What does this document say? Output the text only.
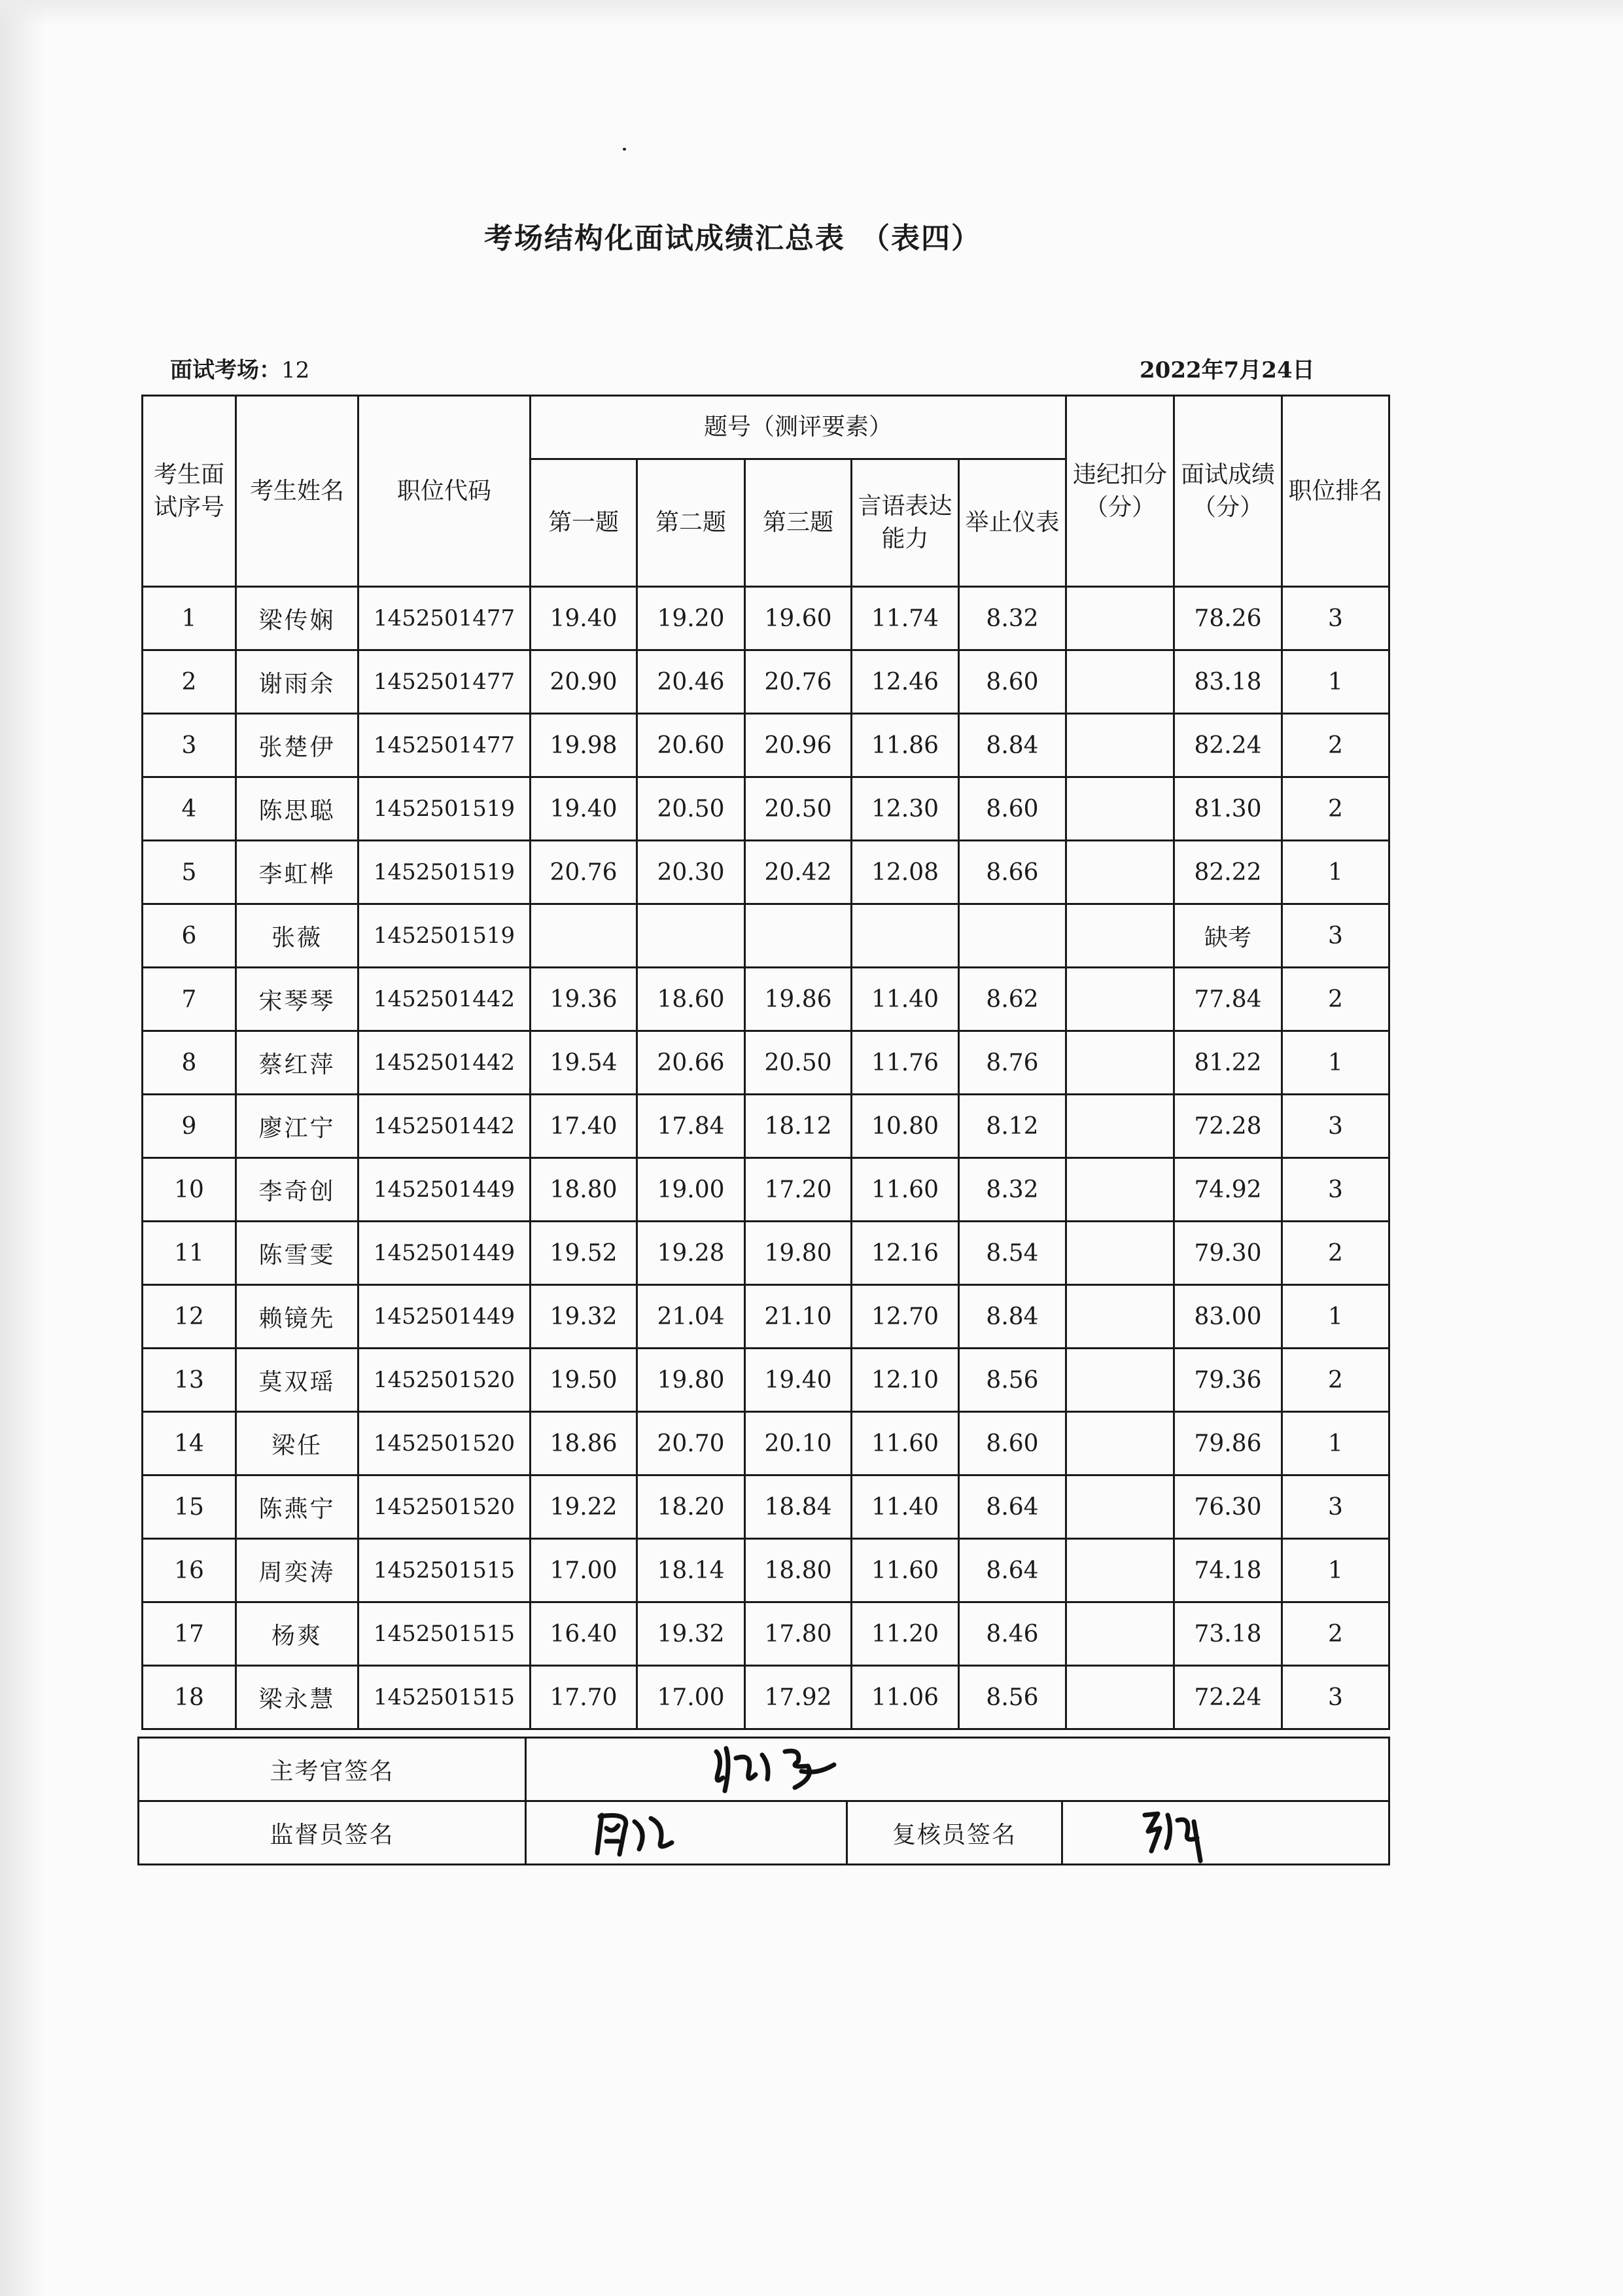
考场结构化面试成绩汇总表　（表四）
面试考场：12	2022年7月24日
考生面试序号	考生姓名	职位代码	题号（测评要素）					违纪扣分（分）	面试成绩（分）	职位排名
			第一题	第二题	第三题	言语表达能力	举止仪表			
1	梁传娴	1452501477	19.40	19.20	19.60	11.74	8.32		78.26	3
2	谢雨余	1452501477	20.90	20.46	20.76	12.46	8.60		83.18	1
3	张楚伊	1452501477	19.98	20.60	20.96	11.86	8.84		82.24	2
4	陈思聪	1452501519	19.40	20.50	20.50	12.30	8.60		81.30	2
5	李虹桦	1452501519	20.76	20.30	20.42	12.08	8.66		82.22	1
6	张薇	1452501519							缺考	3
7	宋琴琴	1452501442	19.36	18.60	19.86	11.40	8.62		77.84	2
8	蔡红萍	1452501442	19.54	20.66	20.50	11.76	8.76		81.22	1
9	廖江宁	1452501442	17.40	17.84	18.12	10.80	8.12		72.28	3
10	李奇创	1452501449	18.80	19.00	17.20	11.60	8.32		74.92	3
11	陈雪雯	1452501449	19.52	19.28	19.80	12.16	8.54		79.30	2
12	赖镜先	1452501449	19.32	21.04	21.10	12.70	8.84		83.00	1
13	莫双瑶	1452501520	19.50	19.80	19.40	12.10	8.56		79.36	2
14	梁任	1452501520	18.86	20.70	20.10	11.60	8.60		79.86	1
15	陈燕宁	1452501520	19.22	18.20	18.84	11.40	8.64		76.30	3
16	周奕涛	1452501515	17.00	18.14	18.80	11.60	8.64		74.18	1
17	杨爽	1452501515	16.40	19.32	17.80	11.20	8.46		73.18	2
18	梁永慧	1452501515	17.70	17.00	17.92	11.06	8.56		72.24	3
主考官签名	

监督员签名		复核员签名	
